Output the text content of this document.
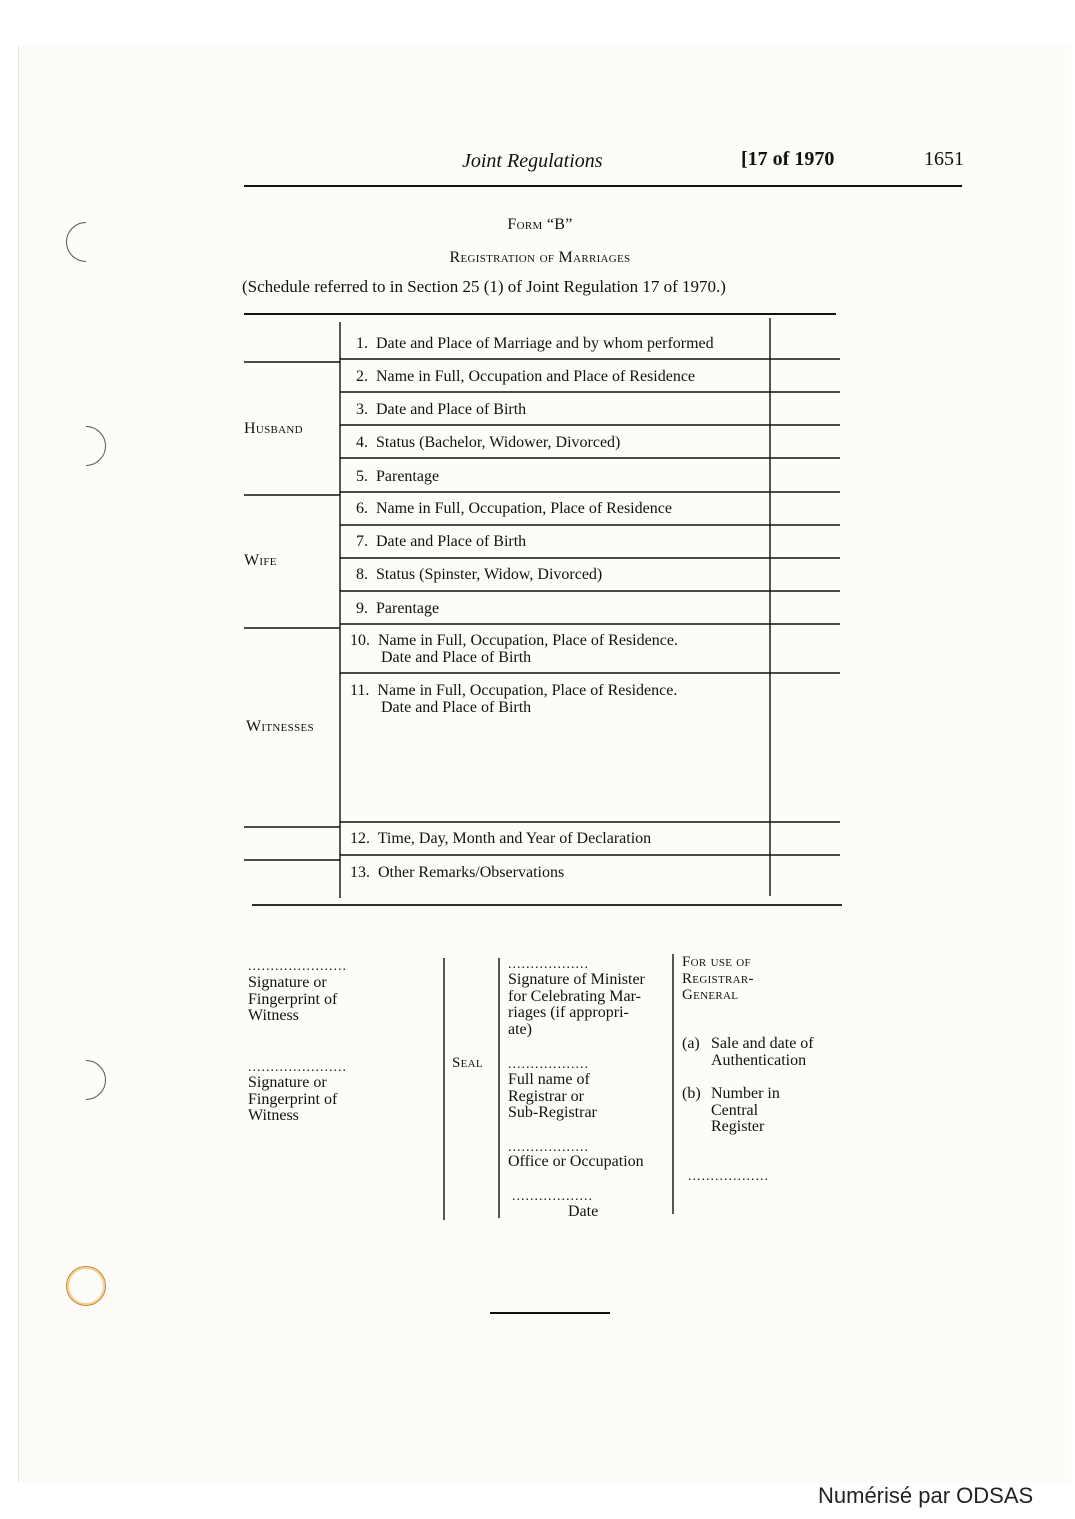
Joint Regulations	[17 of 1970	1651
Form “B”
Registration of Marriages
(Schedule referred to in Section 25 (1) of Joint Regulation 17 of 1970.)
Husband
Wife
Witnesses
1. Date and Place of Marriage and by whom performed
2. Name in Full, Occupation and Place of Residence
3. Date and Place of Birth
4. Status (Bachelor, Widower, Divorced)
5. Parentage
6. Name in Full, Occupation, Place of Residence
7. Date and Place of Birth
8. Status (Spinster, Widow, Divorced)
9. Parentage
10. Name in Full, Occupation, Place of Residence.
Date and Place of Birth
11. Name in Full, Occupation, Place of Residence.
Date and Place of Birth
12. Time, Day, Month and Year of Declaration
13. Other Remarks/Observations
......................
Signature or
Fingerprint of
Witness
......................
Signature or
Fingerprint of
Witness
Seal
..................
Signature of Minister
for Celebrating Mar-
riages (if appropri-
ate)
..................
Full name of
Registrar or
Sub-Registrar
..................
Office or Occupation
..................
Date
For use of
Registrar-
General
(a) Sale and date of
Authentication
(b) Number in
Central
Register
..................
Numérisé par ODSAS
